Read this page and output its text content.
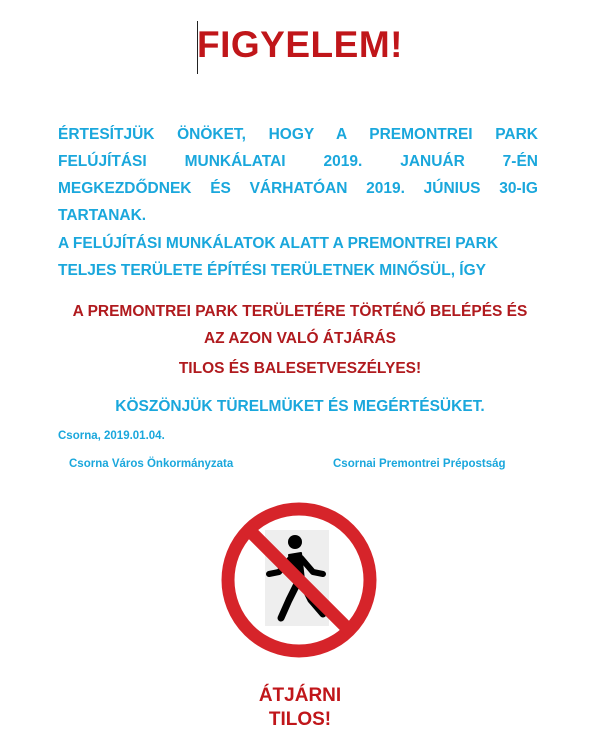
FIGYELEM!

ÉRTESÍTJÜK ÖNÖKET, HOGY A PREMONTREI PARK FELÚJÍTÁSI MUNKÁLATAI 2019. JANUÁR 7-ÉN MEGKEZDŐDNEK ÉS VÁRHATÓAN 2019. JÚNIUS 30-IG TARTANAK.

A FELÚJÍTÁSI MUNKÁLATOK ALATT A PREMONTREI PARK
TELJES TERÜLETE ÉPÍTÉSI TERÜLETNEK MINŐSÜL, ÍGY

A PREMONTREI PARK TERÜLETÉRE TÖRTÉNŐ BELÉPÉS ÉS
AZ AZON VALÓ ÁTJÁRÁS

TILOS ÉS BALESETVESZÉLYES!

KÖSZÖNJÜK TÜRELMÜKET ÉS MEGÉRTÉSÜKET.

Csorna, 2019.01.04.

Csorna Város Önkormányzata	Csornai Premontrei Prépostság

ÁTJÁRNI
TILOS!
